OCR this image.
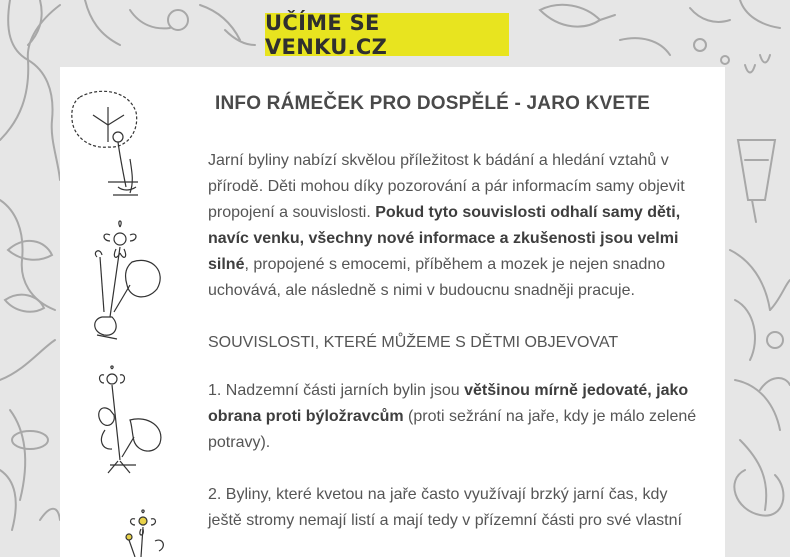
UČÍME SE VENKU.CZ
INFO RÁMEČEK PRO DOSPĚLÉ - JARO KVETE

Jarní byliny nabízí skvělou příležitost k bádání a hledání vztahů v přírodě. Děti mohou díky pozorování a pár informacím samy objevit propojení a souvislosti. Pokud tyto souvislosti odhalí samy děti, navíc venku, všechny nové informace a zkušenosti jsou velmi silné, propojené s emocemi, příběhem a mozek je nejen snadno uchovává, ale následně s nimi v budoucnu snadněji pracuje.

SOUVISLOSTI, KTERÉ MŮŽEME S DĚTMI OBJEVOVAT

1. Nadzemní části jarních bylin jsou většinou mírně jedovaté, jako obrana proti býložravcům (proti sežrání na jaře, kdy je málo zelené potravy).

2. Byliny, které kvetou na jaře často využívají brzký jarní čas, kdy ještě stromy nemají listí a mají tedy v přízemní části pro své vlastní
